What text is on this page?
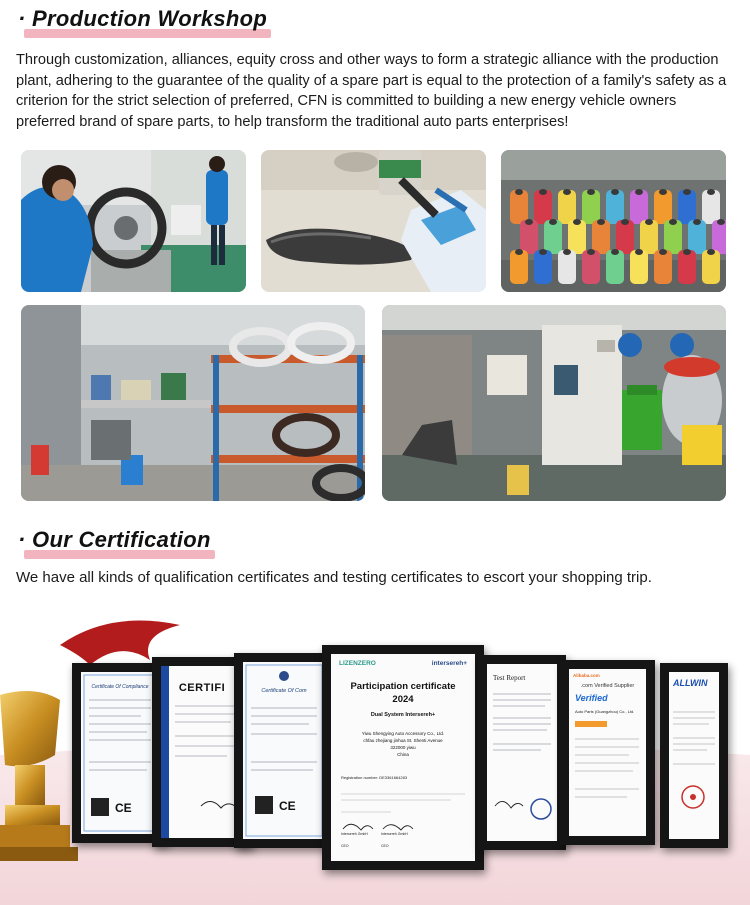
· Production Workshop

Through customization, alliances, equity cross and other ways to form a strategic alliance with the production plant, adhering to the guarantee of the quality of a spare part is equal to the protection of a family's safety as a criterion for the strict selection of preferred, CFN is committed to building a new energy vehicle owners preferred brand of spare parts, to help transform the traditional auto parts enterprises!

· Our Certification

We have all kinds of qualification certificates and testing certificates to escort your shopping trip.

Certificate Of Compliance
CE
CERTIFI	Certificate Of Com
CE
LIZENZERO	intersereh+
Participation certificate
2024
Dual System Intersereh+
Yiwu Shengying Auto Accessory Co., Ltd.
chfau zhejiang jinhua St. Shenti Avenue
322000 yiwu
China
Registration number: DE3361664283
Intersereh GmbH	Intersereh GmbH
CEO	CEO
Test Report	Alibaba.com
.com Verified Supplier
Verified
Auto Parts (Guangzhou) Co., Ltd.
ALLWIN
